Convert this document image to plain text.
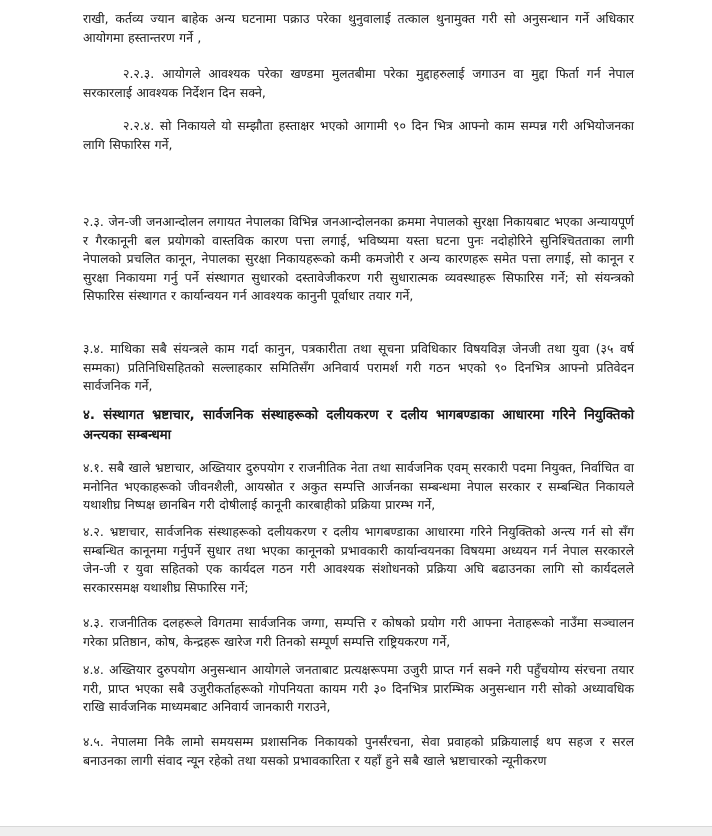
राखी, कर्तव्य ज्यान बाहेक अन्य घटनामा पक्राउ परेका थुनुवालाई तत्काल थुनामुक्त गरी सो अनुसन्धान गर्ने अधिकार आयोगमा हस्तान्तरण गर्ने ,

२.२.३. आयोगले आवश्यक परेका खण्डमा मुलतबीमा परेका मुद्दाहरुलाई जगाउन वा मुद्दा फिर्ता गर्न नेपाल सरकारलाई आवश्यक निर्देशन दिन सक्ने,

२.२.४. सो निकायले यो सम्झौता हस्ताक्षर भएको आगामी ९० दिन भित्र आफ्नो काम सम्पन्न गरी अभियोजनका लागि सिफारिस गर्ने,

२.३. जेन-जी जनआन्दोलन लगायत नेपालका विभिन्न जनआन्दोलनका क्रममा नेपालको सुरक्षा निकायबाट भएका अन्यायपूर्ण र गैरकानूनी बल प्रयोगको वास्तविक कारण पत्ता लगाई, भविष्यमा यस्ता घटना पुनः नदोहोरिने सुनिश्चितताका लागी नेपालको प्रचलित कानून, नेपालका सुरक्षा निकायहरूको कमी कमजोरी र अन्य कारणहरू समेत पत्ता लगाई, सो कानून र सुरक्षा निकायमा गर्नु पर्ने संस्थागत सुधारको दस्तावेजीकरण गरी सुधारात्मक व्यवस्थाहरू सिफारिस गर्ने; सो संयन्त्रको सिफारिस संस्थागत र कार्यान्वयन गर्न आवश्यक कानुनी पूर्वाधार तयार गर्ने,

३.४. माथिका सबै संयन्त्रले काम गर्दा कानुन, पत्रकारीता तथा सूचना प्रविधिकार विषयविज्ञ जेनजी तथा युवा (३५ वर्ष सम्मका) प्रतिनिधिसहितको सल्लाहकार समितिसँग अनिवार्य परामर्श गरी गठन भएको ९० दिनभित्र आफ्नो प्रतिवेदन सार्वजनिक गर्ने,

४. संस्थागत भ्रष्टाचार, सार्वजनिक संस्थाहरूको दलीयकरण र दलीय भागबण्डाका आधारमा गरिने नियुक्तिको अन्त्यका सम्बन्धमा

४.१. सबै खाले भ्रष्टाचार, अख्तियार दुरुपयोग र राजनीतिक नेता तथा सार्वजनिक एवम् सरकारी पदमा नियुक्त, निर्वाचित वा मनोनित भएकाहरूको जीवनशैली, आयस्रोत र अकुत सम्पत्ति आर्जनका सम्बन्धमा नेपाल सरकार र सम्बन्धित निकायले यथाशीघ्र निष्पक्ष छानबिन गरी दोषीलाई कानूनी कारबाहीको प्रक्रिया प्रारम्भ गर्ने,

४.२. भ्रष्टाचार, सार्वजनिक संस्थाहरूको दलीयकरण र दलीय भागबण्डाका आधारमा गरिने नियुक्तिको अन्त्य गर्न सो सँग सम्बन्धित कानूनमा गर्नुपर्ने सुधार तथा भएका कानूनको प्रभावकारी कार्यान्वयनका विषयमा अध्ययन गर्न नेपाल सरकारले जेन-जी र युवा सहितको एक कार्यदल गठन गरी आवश्यक संशोधनको प्रक्रिया अघि बढाउनका लागि सो कार्यदलले सरकारसमक्ष यथाशीघ्र सिफारिस गर्ने;

४.३. राजनीतिक दलहरूले विगतमा सार्वजनिक जग्गा, सम्पत्ति र कोषको प्रयोग गरी आफ्ना नेताहरूको नाउँमा सञ्चालन गरेका प्रतिष्ठान, कोष, केन्द्रहरू खारेज गरी तिनको सम्पूर्ण सम्पत्ति राष्ट्रियकरण गर्ने,

४.४. अख्तियार दुरुपयोग अनुसन्धान आयोगले जनताबाट प्रत्यक्षरूपमा उजुरी प्राप्त गर्न सक्ने गरी पहुँचयोग्य संरचना तयार गरी, प्राप्त भएका सबै उजुरीकर्ताहरूको गोपनियता कायम गरी ३० दिनभित्र प्रारम्भिक अनुसन्धान गरी सोको अध्यावधिक राखि सार्वजनिक माध्यमबाट अनिवार्य जानकारी गराउने,

४.५. नेपालमा निकै लामो समयसम्म प्रशासनिक निकायको पुनर्संरचना, सेवा प्रवाहको प्रक्रियालाई थप सहज र सरल बनाउनका लागी संवाद न्यून रहेको तथा यसको प्रभावकारिता र यहाँ हुने सबै खाले भ्रष्टाचारको न्यूनीकरण
